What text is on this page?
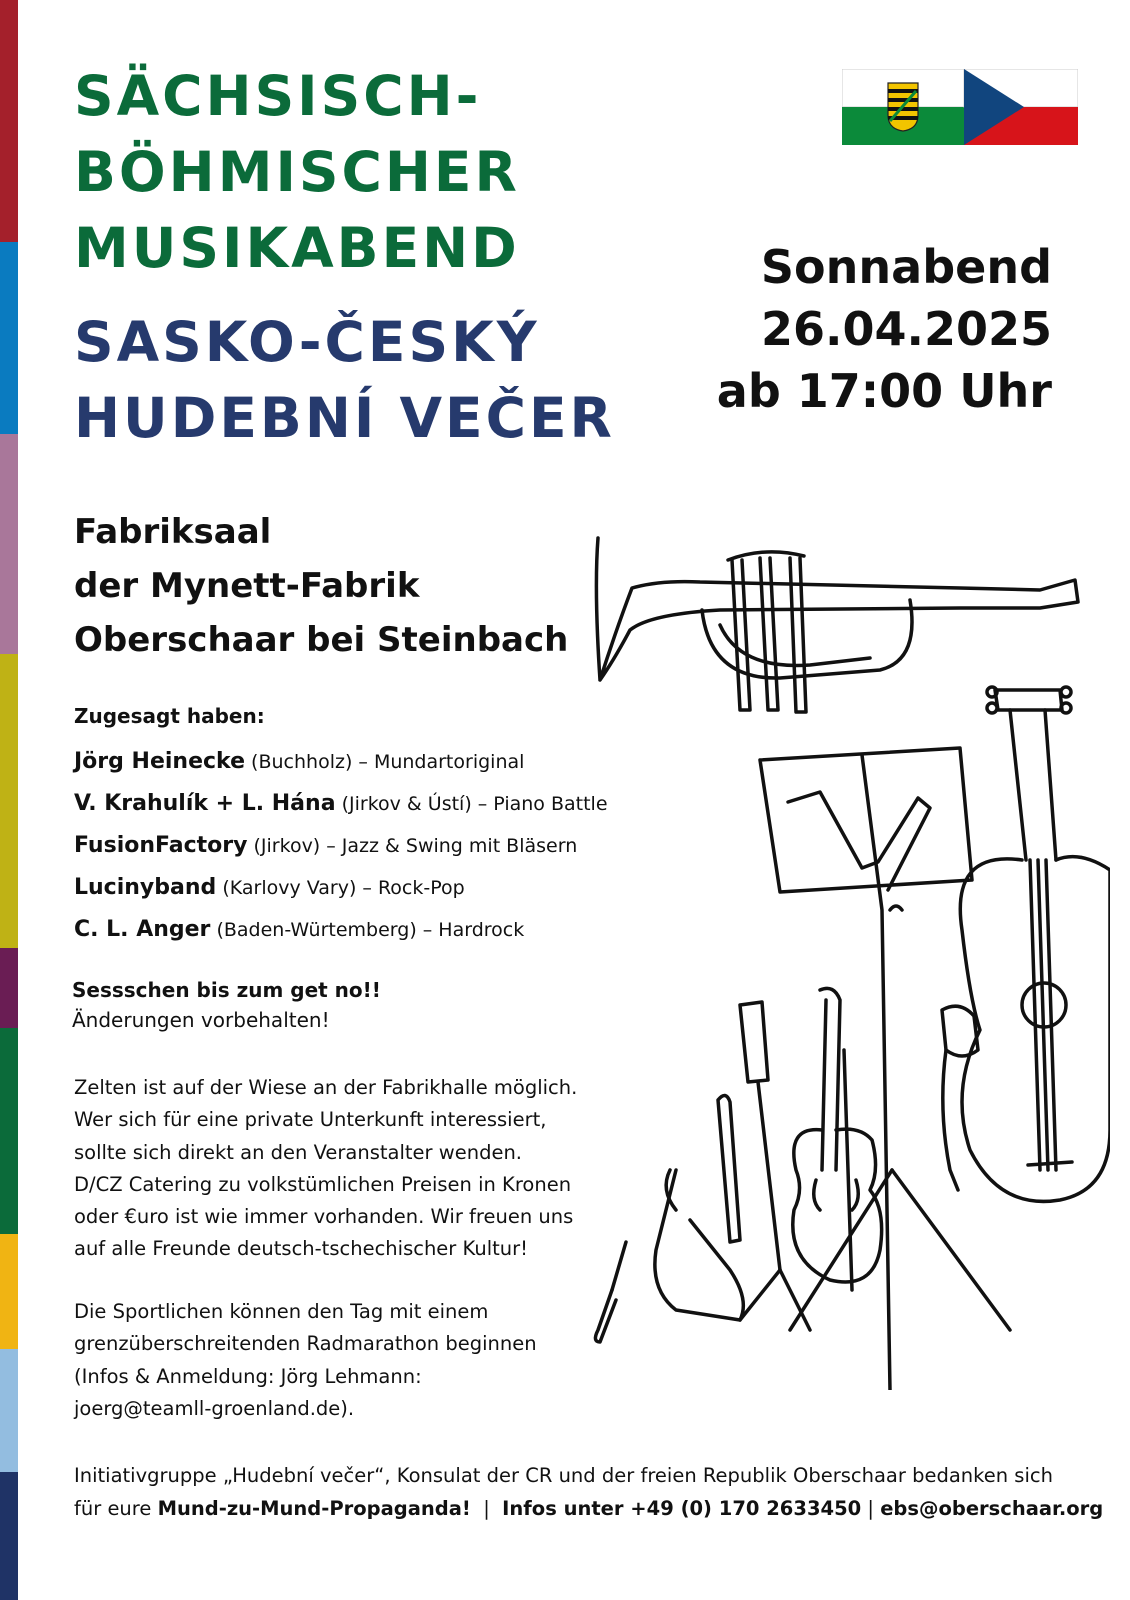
SÄCHSISCH-
BÖHMISCHER
MUSIKABEND
SASKO-ČESKÝ
HUDEBNÍ VEČER
Sonnabend
26.04.2025
ab 17:00 Uhr
Fabriksaal
der Mynett-Fabrik
Oberschaar bei Steinbach
Zugesagt haben:
Jörg Heinecke (Buchholz) – Mundartoriginal
V. Krahulík + L. Hána (Jirkov & Ústí) – Piano Battle
FusionFactory (Jirkov) – Jazz & Swing mit Bläsern
Lucinyband (Karlovy Vary) – Rock-Pop
C. L. Anger (Baden-Würtemberg) – Hardrock
Sessschen bis zum get no!!
Änderungen vorbehalten!

Zelten ist auf der Wiese an der Fabrikhalle möglich.
Wer sich für eine private Unterkunft interessiert,
sollte sich direkt an den Veranstalter wenden.
D/CZ Catering zu volkstümlichen Preisen in Kronen
oder €uro ist wie immer vorhanden. Wir freuen uns
auf alle Freunde deutsch-tschechischer Kultur!

Die Sportlichen können den Tag mit einem
grenzüberschreitenden Radmarathon beginnen
(Infos & Anmeldung: Jörg Lehmann:
joerg@teamll-groenland.de).

Initiativgruppe „Hudební večer“, Konsulat der CR und der freien Republik Oberschaar bedanken sich
für eure Mund-zu-Mund-Propaganda!  |  Infos unter +49 (0) 170 2633450 | ebs@oberschaar.org
